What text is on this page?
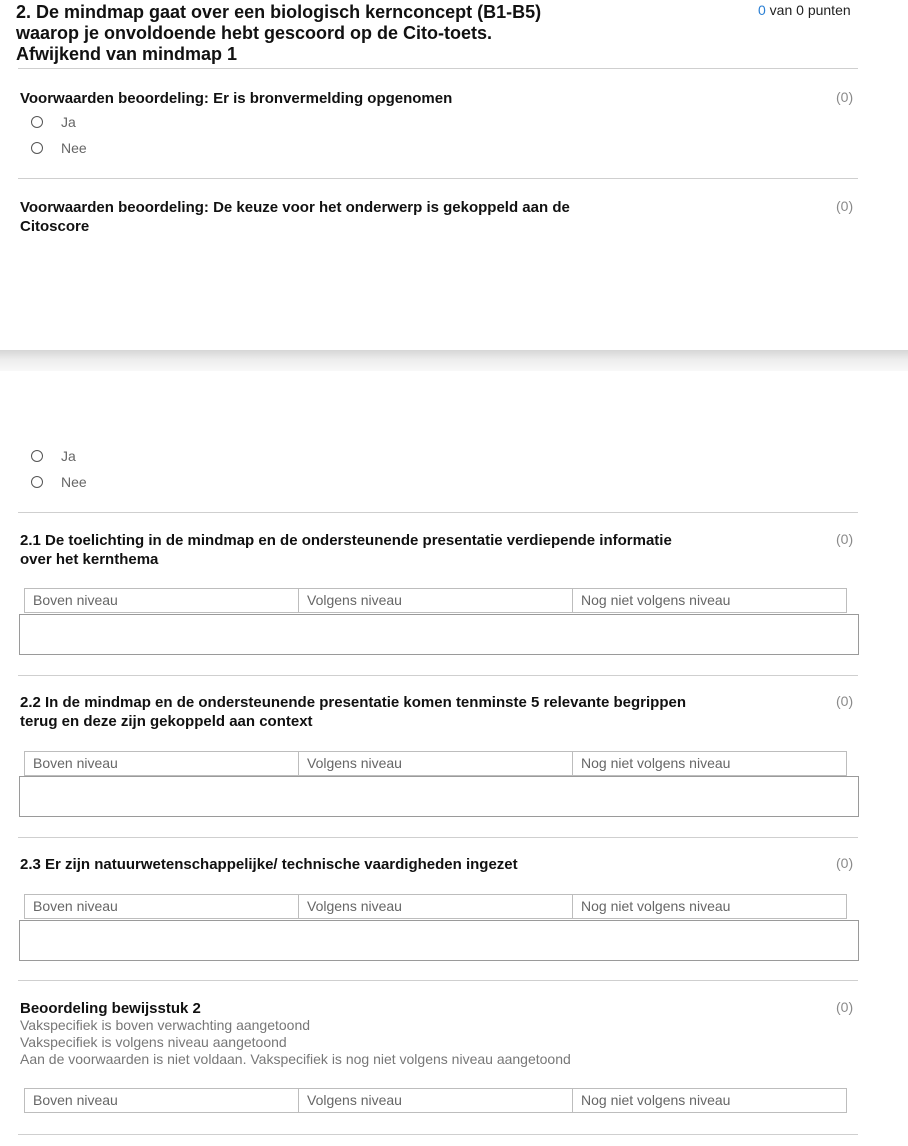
2. De mindmap gaat over een biologisch kernconcept (B1-B5) waarop je onvoldoende hebt gescoord op de Cito-toets. Afwijkend van mindmap 1
0 van 0 punten
Voorwaarden beoordeling: Er is bronvermelding opgenomen	(0)
Ja
Nee
Voorwaarden beoordeling: De keuze voor het onderwerp is gekoppeld aan de Citoscore
(0)
Ja
Nee
2.1 De toelichting in de mindmap en de ondersteunende presentatie verdiepende informatie over het kernthema
(0)
Boven niveau	Volgens niveau	Nog niet volgens niveau
2.2 In de mindmap en de ondersteunende presentatie komen tenminste 5 relevante begrippen terug en deze zijn gekoppeld aan context
(0)
Boven niveau	Volgens niveau	Nog niet volgens niveau
2.3 Er zijn natuurwetenschappelijke/ technische vaardigheden ingezet	(0)
Boven niveau	Volgens niveau	Nog niet volgens niveau
Beoordeling bewijsstuk 2	(0)
Vakspecifiek is boven verwachting aangetoond
Vakspecifiek is volgens niveau aangetoond
Aan de voorwaarden is niet voldaan. Vakspecifiek is nog niet volgens niveau aangetoond
Boven niveau	Volgens niveau	Nog niet volgens niveau
